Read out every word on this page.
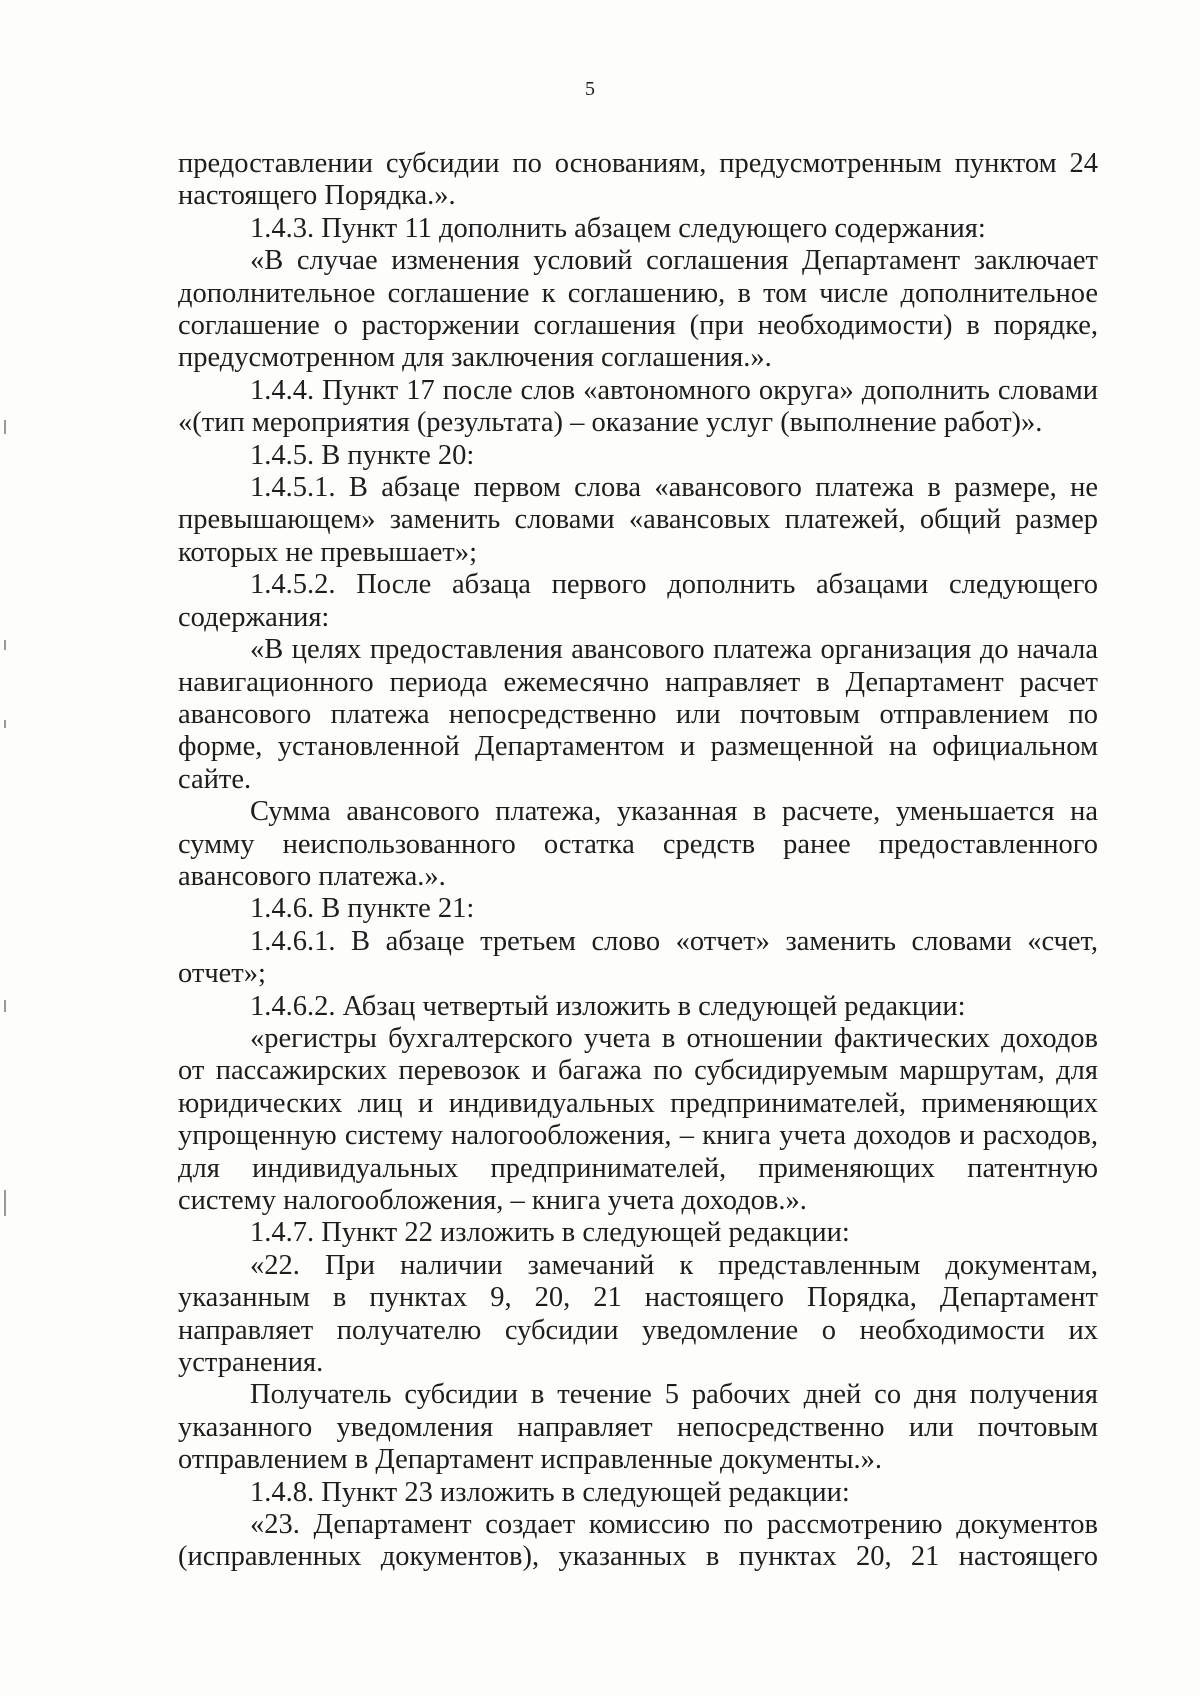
5

предоставлении субсидии по основаниям, предусмотренным пунктом 24 настоящего Порядка.».

1.4.3. Пункт 11 дополнить абзацем следующего содержания:

«В случае изменения условий соглашения Департамент заключает дополнительное соглашение к соглашению, в том числе дополнительное соглашение о расторжении соглашения (при необходимости) в порядке, предусмотренном для заключения соглашения.».

1.4.4. Пункт 17 после слов «автономного округа» дополнить словами «(тип мероприятия (результата) – оказание услуг (выполнение работ)».

1.4.5. В пункте 20:

1.4.5.1. В абзаце первом слова «авансового платежа в размере, не превышающем» заменить словами «авансовых платежей, общий размер которых не превышает»;

1.4.5.2. После абзаца первого дополнить абзацами следующего содержания:

«В целях предоставления авансового платежа организация до начала навигационного периода ежемесячно направляет в Департамент расчет авансового платежа непосредственно или почтовым отправлением по форме, установленной Департаментом и размещенной на официальном сайте.

Сумма авансового платежа, указанная в расчете, уменьшается на сумму неиспользованного остатка средств ранее предоставленного авансового платежа.».

1.4.6. В пункте 21:

1.4.6.1. В абзаце третьем слово «отчет» заменить словами «счет, отчет»;

1.4.6.2. Абзац четвертый изложить в следующей редакции:

«регистры бухгалтерского учета в отношении фактических доходов от пассажирских перевозок и багажа по субсидируемым маршрутам, для юридических лиц и индивидуальных предпринимателей, применяющих упрощенную систему налогообложения, – книга учета доходов и расходов, для индивидуальных предпринимателей, применяющих патентную систему налогообложения, – книга учета доходов.».

1.4.7. Пункт 22 изложить в следующей редакции:

«22. При наличии замечаний к представленным документам, указанным в пунктах 9, 20, 21 настоящего Порядка, Департамент направляет получателю субсидии уведомление о необходимости их устранения.

Получатель субсидии в течение 5 рабочих дней со дня получения указанного уведомления направляет непосредственно или почтовым отправлением в Департамент исправленные документы.».

1.4.8. Пункт 23 изложить в следующей редакции:

«23. Департамент создает комиссию по рассмотрению документов (исправленных документов), указанных в пунктах 20, 21 настоящего
